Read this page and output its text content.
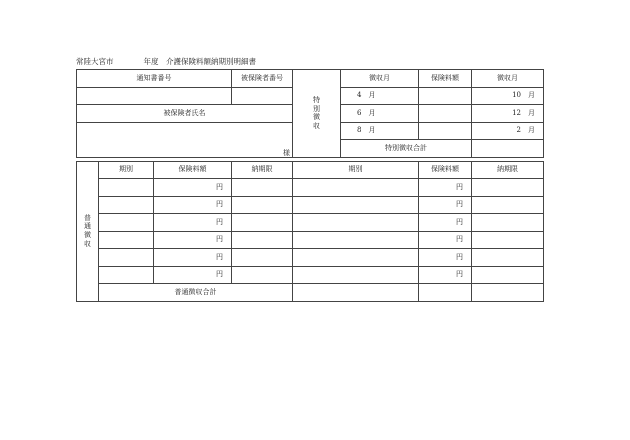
常陸大宮市　　　　	年度　 介護保険料額納期別明細書

通知書番号			被保険者番号		特別徴収	徴収月		保険料額		徴収月	
						4　月				10　月	
被保険者氏名						6　月				12　月	
様						8　月				2　月	
						特別徴収合計					

普通徴収	期別	保険料額	納期限		期別			保険料額		納期限	
		円						円			
		円						円			
		円						円			
		円						円			
		円						円			
		円						円			
	普通徴収合計										
